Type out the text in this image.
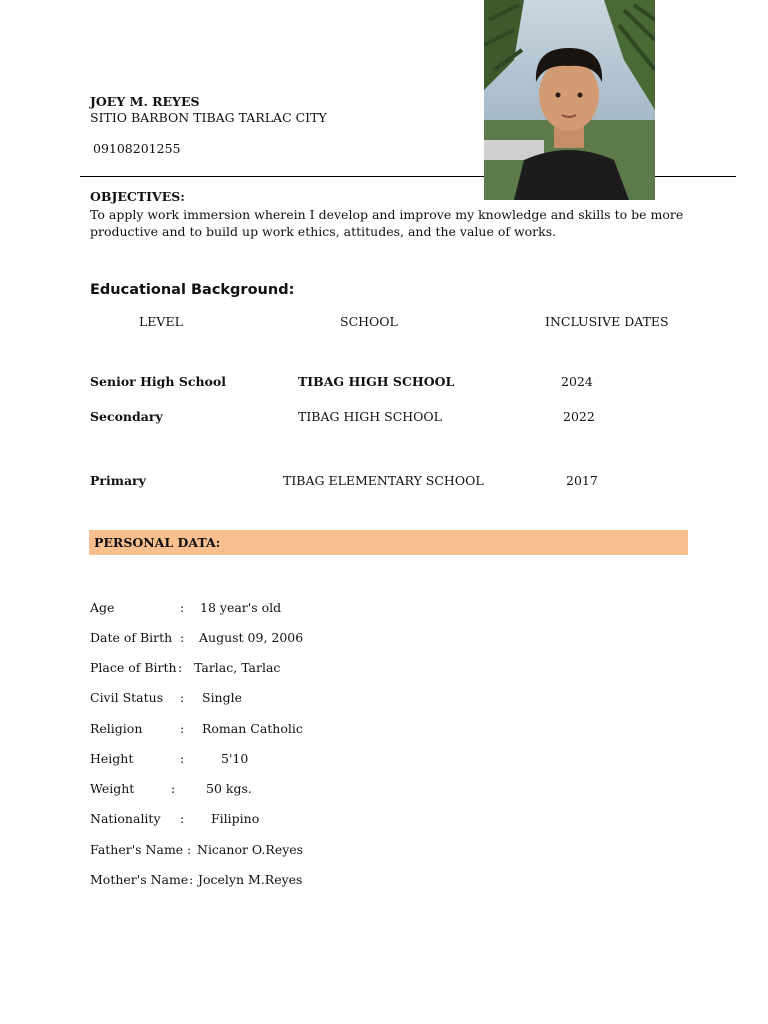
JOEY M. REYES
SITIO BARBON TIBAG TARLAC CITY
09108201255
OBJECTIVES:
To apply work immersion wherein I develop and improve my knowledge and skills to be more productive and to build up work ethics, attitudes, and the value of works.
Educational Background:
LEVEL	SCHOOL	INCLUSIVE DATES
Senior High School	TIBAG HIGH SCHOOL	2024
Secondary	TIBAG HIGH SCHOOL	2022
Primary	TIBAG ELEMENTARY SCHOOL	2017
PERSONAL DATA:
Age	: 18 year's old
Date of Birth : August 09, 2006
Place of Birth : Tarlac, Tarlac
Civil Status : Single
Religion	: Roman Catholic
Height	:	5'10
Weight	: 50 kgs.
Nationality : Filipino
Father's Name : Nicanor O.Reyes
Mother's Name : Jocelyn M.Reyes
